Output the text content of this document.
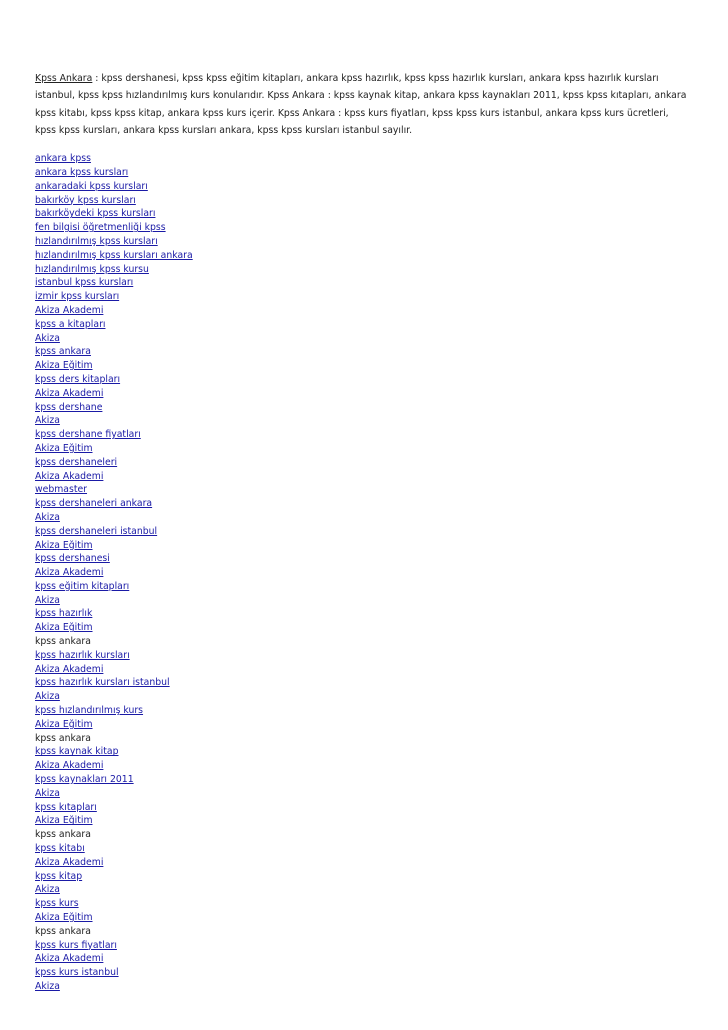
Kpss Ankara : kpss dershanesi, kpss kpss eğitim kitapları, ankara kpss hazırlık, kpss kpss hazırlık kursları, ankara kpss hazırlık kursları istanbul, kpss kpss hızlandırılmış kurs konularıdır. Kpss Ankara : kpss kaynak kitap, ankara kpss kaynakları 2011, kpss kpss kıtapları, ankara kpss kitabı, kpss kpss kitap, ankara kpss kurs içerir. Kpss Ankara : kpss kurs fiyatları, kpss kpss kurs istanbul, ankara kpss kurs ücretleri, kpss kpss kursları, ankara kpss kursları ankara, kpss kpss kursları istanbul sayılır.

ankara kpss
ankara kpss kursları
ankaradaki kpss kursları
bakırköy kpss kursları
bakırköydeki kpss kursları
fen bilgisi öğretmenliği kpss
hızlandırılmış kpss kursları
hızlandırılmış kpss kursları ankara
hızlandırılmış kpss kursu
istanbul kpss kursları
izmir kpss kursları
Akiza Akademi
kpss a kitapları
Akiza
kpss ankara
Akiza Eğitim
kpss ders kitapları
Akiza Akademi
kpss dershane
Akiza
kpss dershane fiyatları
Akiza Eğitim
kpss dershaneleri
Akiza Akademi
webmaster
kpss dershaneleri ankara
Akiza
kpss dershaneleri istanbul
Akiza Eğitim
kpss dershanesi
Akiza Akademi
kpss eğitim kitapları
Akiza
kpss hazırlık
Akiza Eğitim
kpss ankara
kpss hazırlık kursları
Akiza Akademi
kpss hazırlık kursları istanbul
Akiza
kpss hızlandırılmış kurs
Akiza Eğitim
kpss ankara
kpss kaynak kitap
Akiza Akademi
kpss kaynakları 2011
Akiza
kpss kıtapları
Akiza Eğitim
kpss ankara
kpss kitabı
Akiza Akademi
kpss kitap
Akiza
kpss kurs
Akiza Eğitim
kpss ankara
kpss kurs fiyatları
Akiza Akademi
kpss kurs istanbul
Akiza
